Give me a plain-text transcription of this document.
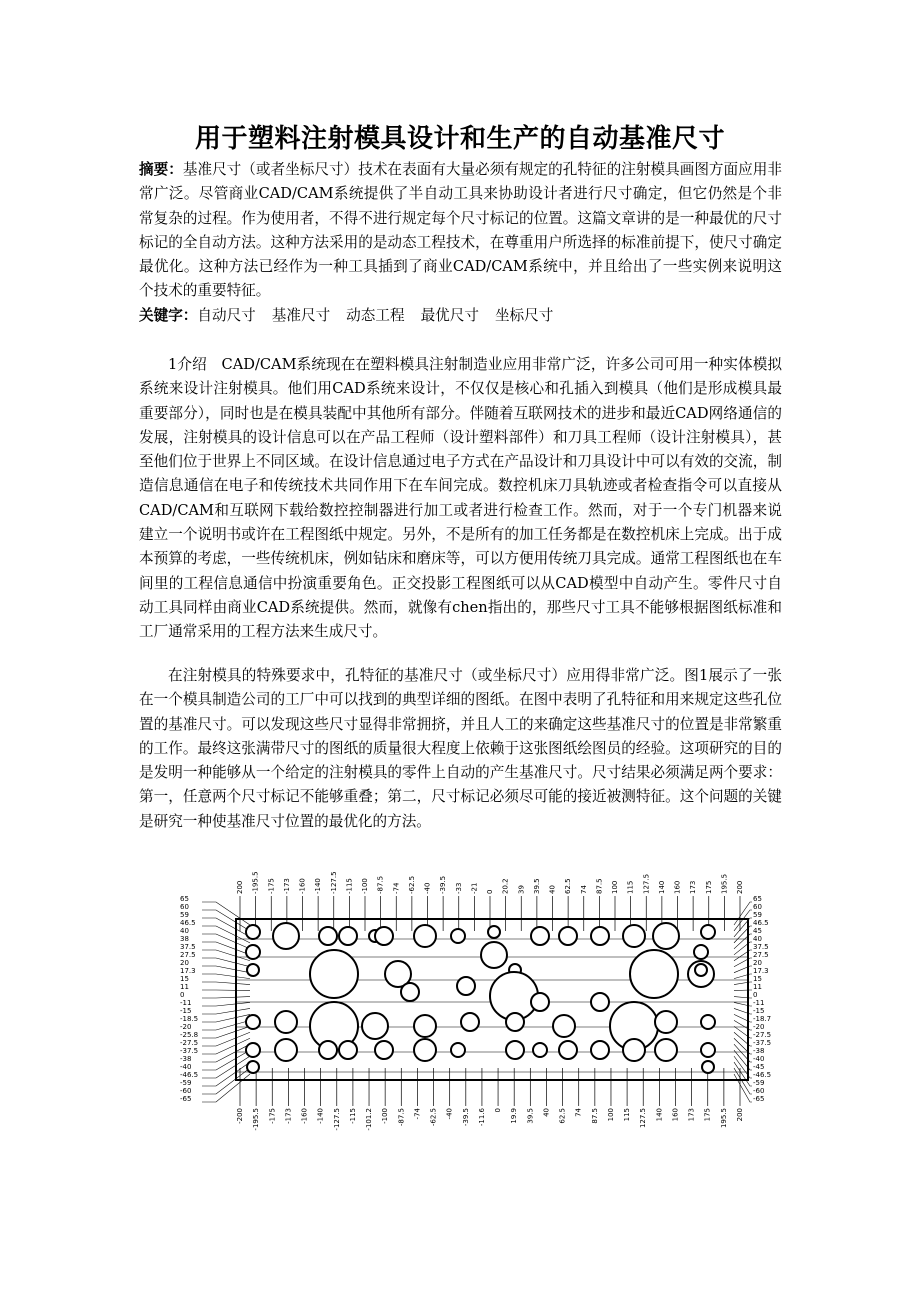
用于塑料注射模具设计和生产的自动基准尺寸
摘要：基准尺寸（或者坐标尺寸）技术在表面有大量必须有规定的孔特征的注射模具画图方面应用非常广泛。尽管商业CAD/CAM系统提供了半自动工具来协助设计者进行尺寸确定，但它仍然是个非常复杂的过程。作为使用者，不得不进行规定每个尺寸标记的位置。这篇文章讲的是一种最优的尺寸标记的全自动方法。这种方法采用的是动态工程技术，在尊重用户所选择的标准前提下，使尺寸确定最优化。这种方法已经作为一种工具插到了商业CAD/CAM系统中，并且给出了一些实例来说明这个技术的重要特征。
关键字：自动尺寸 基准尺寸 动态工程 最优尺寸 坐标尺寸
1介绍　CAD/CAM系统现在在塑料模具注射制造业应用非常广泛，许多公司可用一种实体模拟系统来设计注射模具。他们用CAD系统来设计，不仅仅是核心和孔插入到模具（他们是形成模具最重要部分），同时也是在模具装配中其他所有部分。伴随着互联网技术的进步和最近CAD网络通信的发展，注射模具的设计信息可以在产品工程师（设计塑料部件）和刀具工程师（设计注射模具），甚至他们位于世界上不同区域。在设计信息通过电子方式在产品设计和刀具设计中可以有效的交流，制造信息通信在电子和传统技术共同作用下在车间完成。数控机床刀具轨迹或者检查指令可以直接从CAD/CAM和互联网下载给数控控制器进行加工或者进行检查工作。然而，对于一个专门机器来说建立一个说明书或许在工程图纸中规定。另外，不是所有的加工任务都是在数控机床上完成。出于成本预算的考虑，一些传统机床，例如钻床和磨床等，可以方便用传统刀具完成。通常工程图纸也在车间里的工程信息通信中扮演重要角色。正交投影工程图纸可以从CAD模型中自动产生。零件尺寸自动工具同样由商业CAD系统提供。然而，就像有chen指出的，那些尺寸工具不能够根据图纸标准和工厂通常采用的工程方法来生成尺寸。
在注射模具的特殊要求中，孔特征的基准尺寸（或坐标尺寸）应用得非常广泛。图1展示了一张在一个模具制造公司的工厂中可以找到的典型详细的图纸。在图中表明了孔特征和用来规定这些孔位置的基准尺寸。可以发现这些尺寸显得非常拥挤，并且人工的来确定这些基准尺寸的位置是非常繁重的工作。最终这张满带尺寸的图纸的质量很大程度上依赖于这张图纸绘图员的经验。这项研究的目的是发明一种能够从一个给定的注射模具的零件上自动的产生基准尺寸。尺寸结果必须满足两个要求：第一，任意两个尺寸标记不能够重叠；第二，尺寸标记必须尽可能的接近被测特征。这个问题的关键是研究一种使基准尺寸位置的最优化的方法。
200 -195.5 -175 -173 -160 -140 -127.5 -115 -100 -87.5 -74 -62.5 -40 -39.5 -33 -21 0 20.2 39 39.5 40 62.5 74 87.5 100 115 127.5 140 160 173 175 195.5 200
-200 -195.5 -175 -173 -160 -140 -127.5 -115 -101.2 -100 -87.5 -74 -62.5 -40 -39.5 -11.6 0 19.9 39.5 40 62.5 74 87.5 100 115 127.5 140 160 173 175 195.5 200
65
60
59
46.5
40
38
37.5
27.5
20
17.3
15
11
0
-11
-15
-18.5
-20
-25.8
-27.5
-37.5
-38
-40
-46.5
-59
-60
-65
65
60
59
46.5
45
40
37.5
27.5
20
17.3
15
11
0
-11
-15
-18.7
-20
-27.5
-37.5
-38
-40
-45
-46.5
-59
-60
-65
